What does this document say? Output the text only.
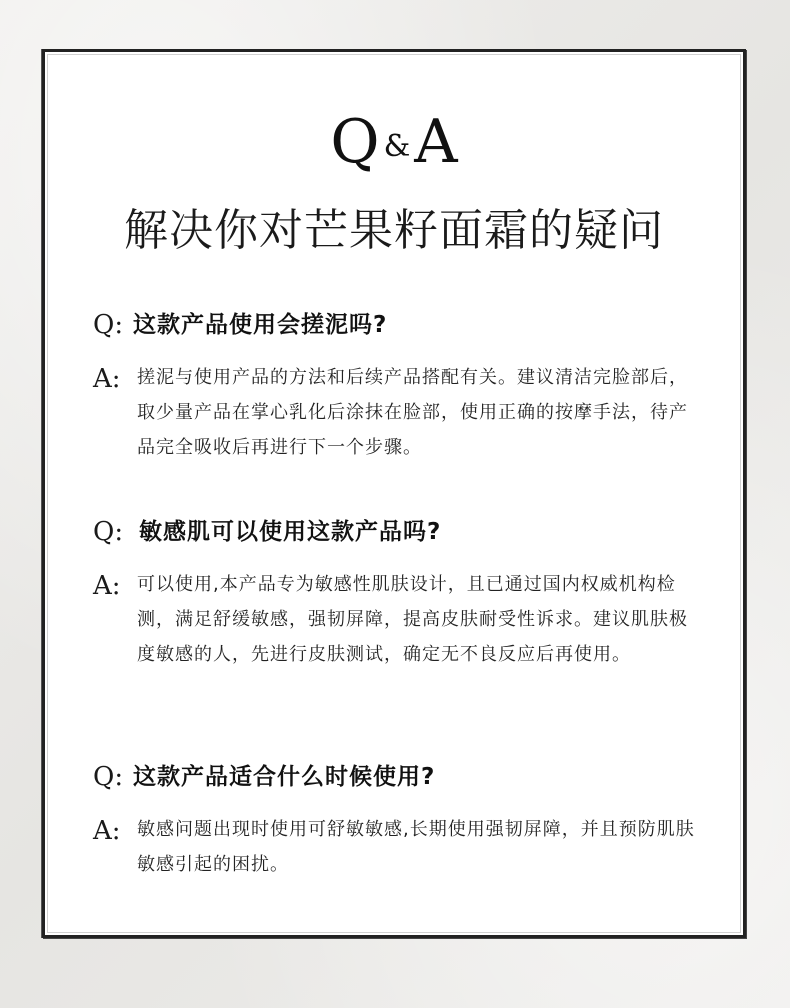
Q &A
解决你对芒果籽面霜的疑问
Q: 这款产品使用会搓泥吗?
A: 搓泥与使用产品的方法和后续产品搭配有关。建议清洁完脸部后，取少量产品在掌心乳化后涂抹在脸部，使用正确的按摩手法，待产品完全吸收后再进行下一个步骤。
Q: 敏感肌可以使用这款产品吗?
A: 可以使用,本产品专为敏感性肌肤设计，且已通过国内权威机构检测，满足舒缓敏感，强韧屏障，提高皮肤耐受性诉求。建议肌肤极度敏感的人，先进行皮肤测试，确定无不良反应后再使用。
Q: 这款产品适合什么时候使用?
A: 敏感问题出现时使用可舒敏敏感,长期使用强韧屏障，并且预防肌肤敏感引起的困扰。
